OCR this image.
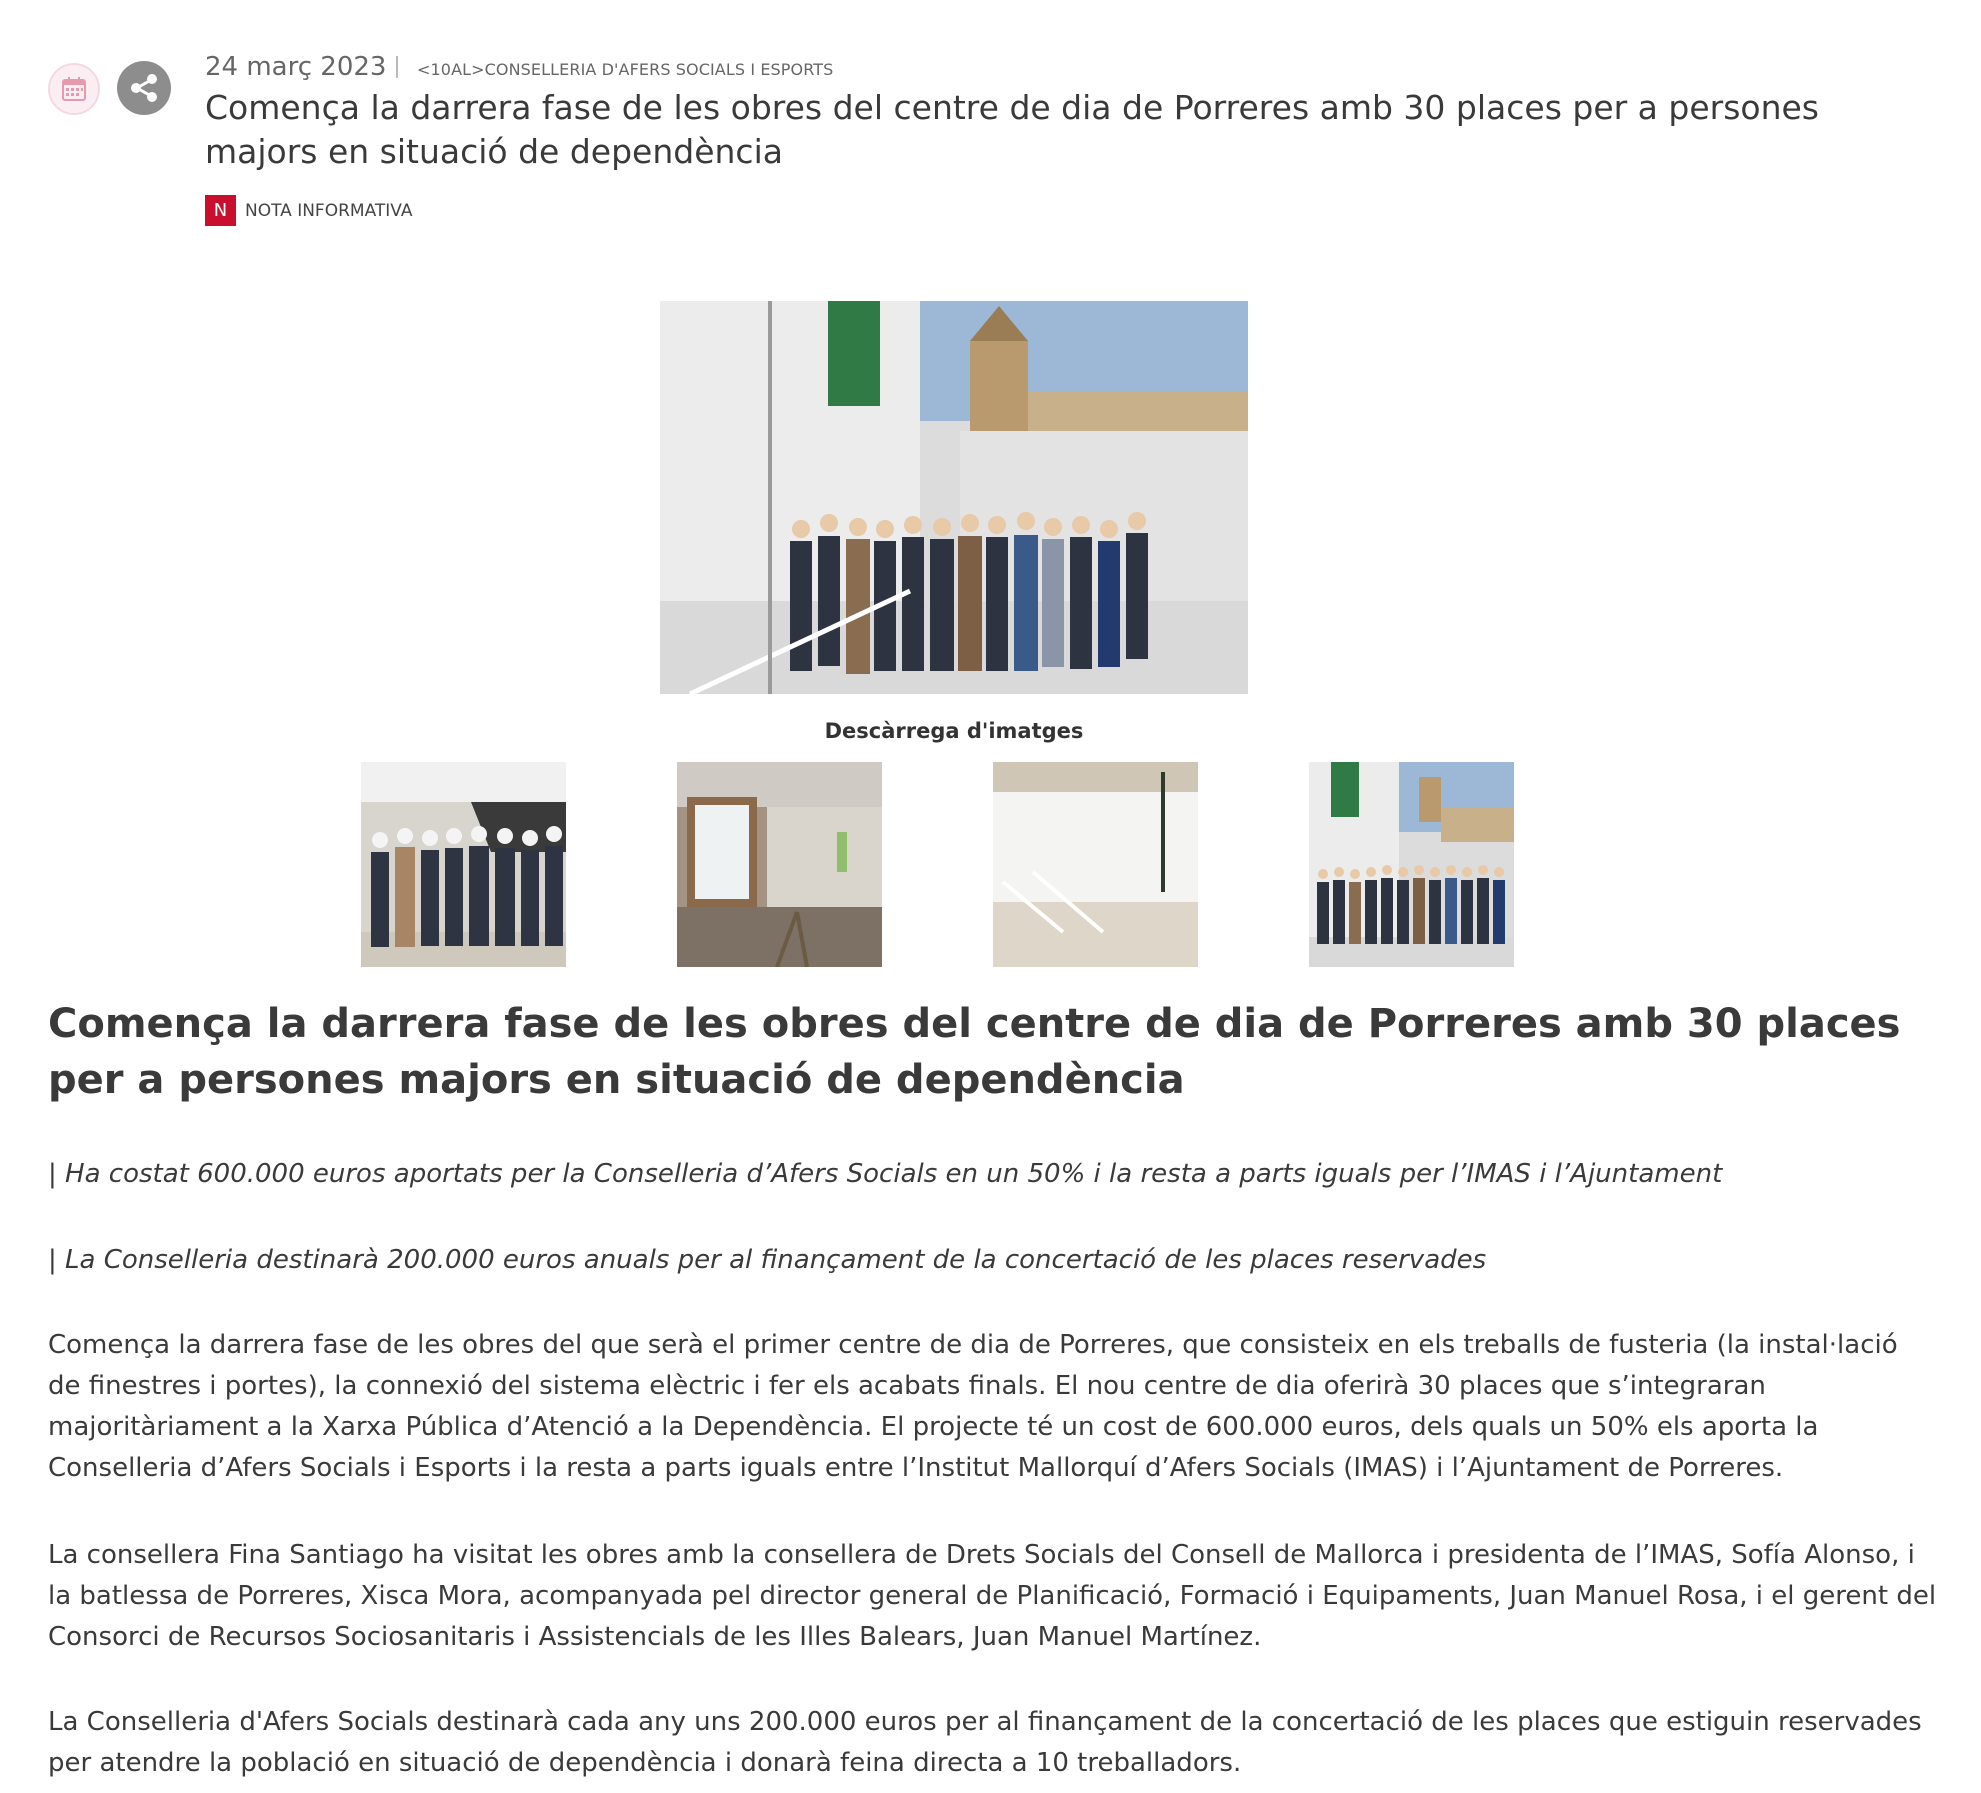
24 març 2023 <10AL>CONSELLERIA D'AFERS SOCIALS I ESPORTS
Comença la darrera fase de les obres del centre de dia de Porreres amb 30 places per a persones majors en situació de dependència
N	NOTA INFORMATIVA
Descàrrega d'imatges
Comença la darrera fase de les obres del centre de dia de Porreres amb 30 places per a persones majors en situació de dependència
| Ha costat 600.000 euros aportats per la Conselleria d’Afers Socials en un 50% i la resta a parts iguals per l’IMAS i l’Ajuntament
| La Conselleria destinarà 200.000 euros anuals per al finançament de la concertació de les places reservades
Comença la darrera fase de les obres del que serà el primer centre de dia de Porreres, que consisteix en els treballs de fusteria (la instal·lació de finestres i portes), la connexió del sistema elèctric i fer els acabats finals. El nou centre de dia oferirà 30 places que s’integraran majoritàriament a la Xarxa Pública d’Atenció a la Dependència. El projecte té un cost de 600.000 euros, dels quals un 50% els aporta la Conselleria d’Afers Socials i Esports i la resta a parts iguals entre l’Institut Mallorquí d’Afers Socials (IMAS) i l’Ajuntament de Porreres.
La consellera Fina Santiago ha visitat les obres amb la consellera de Drets Socials del Consell de Mallorca i presidenta de l’IMAS, Sofía Alonso, i la batlessa de Porreres, Xisca Mora, acompanyada pel director general de Planificació, Formació i Equipaments, Juan Manuel Rosa, i el gerent del Consorci de Recursos Sociosanitaris i Assistencials de les Illes Balears, Juan Manuel Martínez.
La Conselleria d'Afers Socials destinarà cada any uns 200.000 euros per al finançament de la concertació de les places que estiguin reservades per atendre la població en situació de dependència i donarà feina directa a 10 treballadors.
